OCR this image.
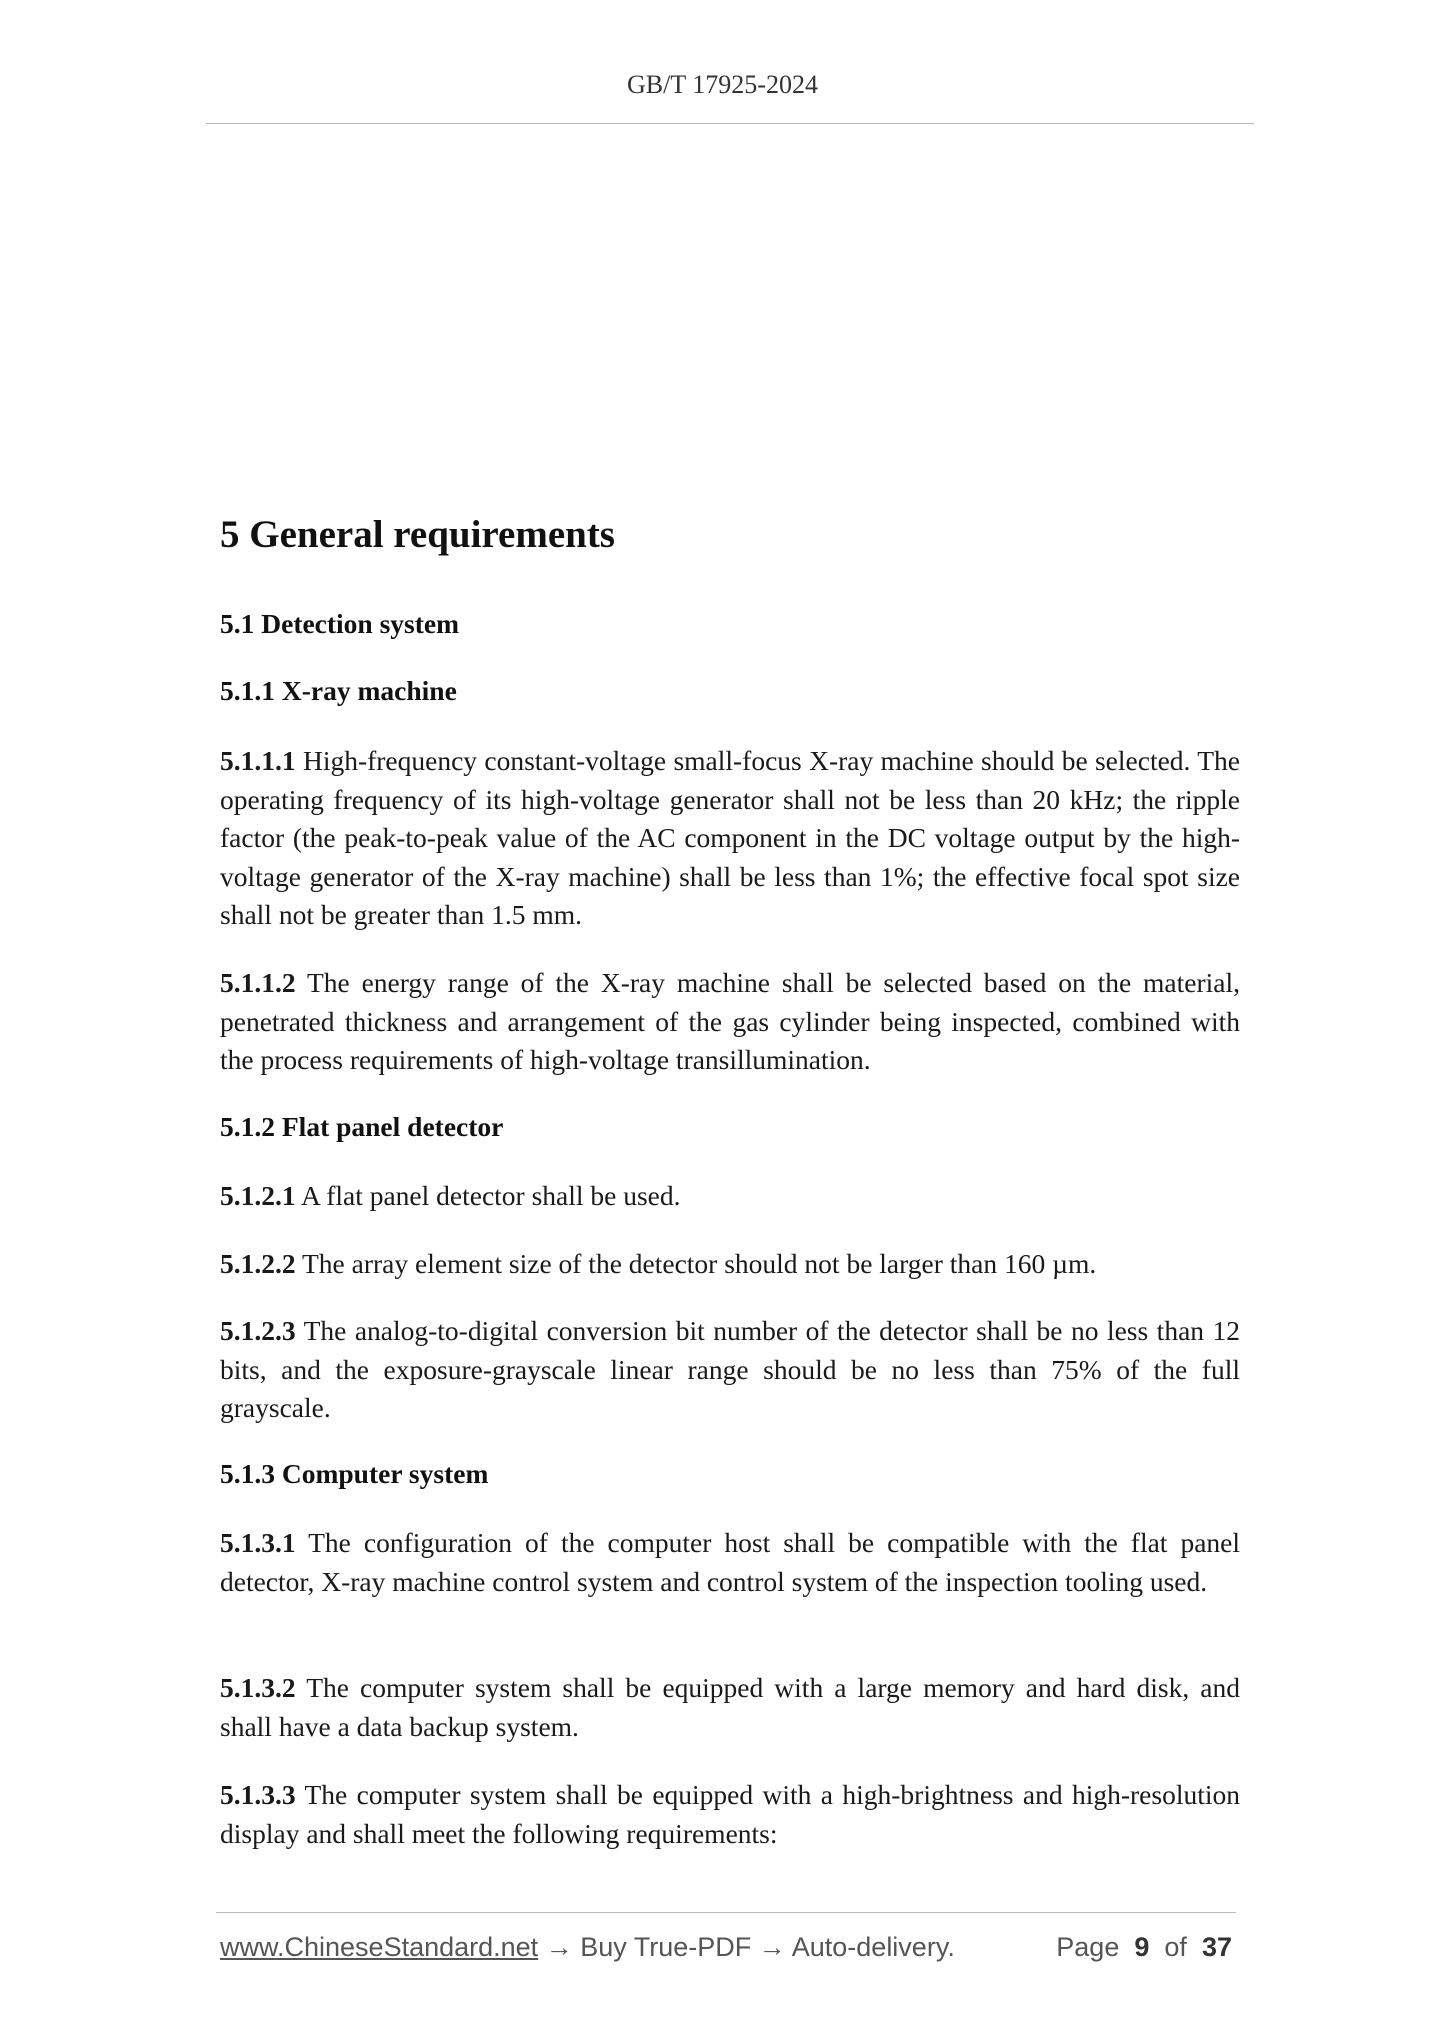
GB/T 17925-2024
5 General requirements

5.1 Detection system

5.1.1 X-ray machine

5.1.1.1 High-frequency constant-voltage small-focus X-ray machine should be selected. The operating frequency of its high-voltage generator shall not be less than 20 kHz; the ripple factor (the peak-to-peak value of the AC component in the DC voltage output by the high-voltage generator of the X-ray machine) shall be less than 1%; the effective focal spot size shall not be greater than 1.5 mm.

5.1.1.2 The energy range of the X-ray machine shall be selected based on the material, penetrated thickness and arrangement of the gas cylinder being inspected, combined with the process requirements of high-voltage transillumination.

5.1.2 Flat panel detector

5.1.2.1 A flat panel detector shall be used.

5.1.2.2 The array element size of the detector should not be larger than 160 µm.

5.1.2.3 The analog-to-digital conversion bit number of the detector shall be no less than 12 bits, and the exposure-grayscale linear range should be no less than 75% of the full grayscale.

5.1.3 Computer system

5.1.3.1 The configuration of the computer host shall be compatible with the flat panel detector, X-ray machine control system and control system of the inspection tooling used.

5.1.3.2 The computer system shall be equipped with a large memory and hard disk, and shall have a data backup system.

5.1.3.3 The computer system shall be equipped with a high-brightness and high-resolution display and shall meet the following requirements:

www.ChineseStandard.net → Buy True-PDF → Auto-delivery.	Page 9 of 37
